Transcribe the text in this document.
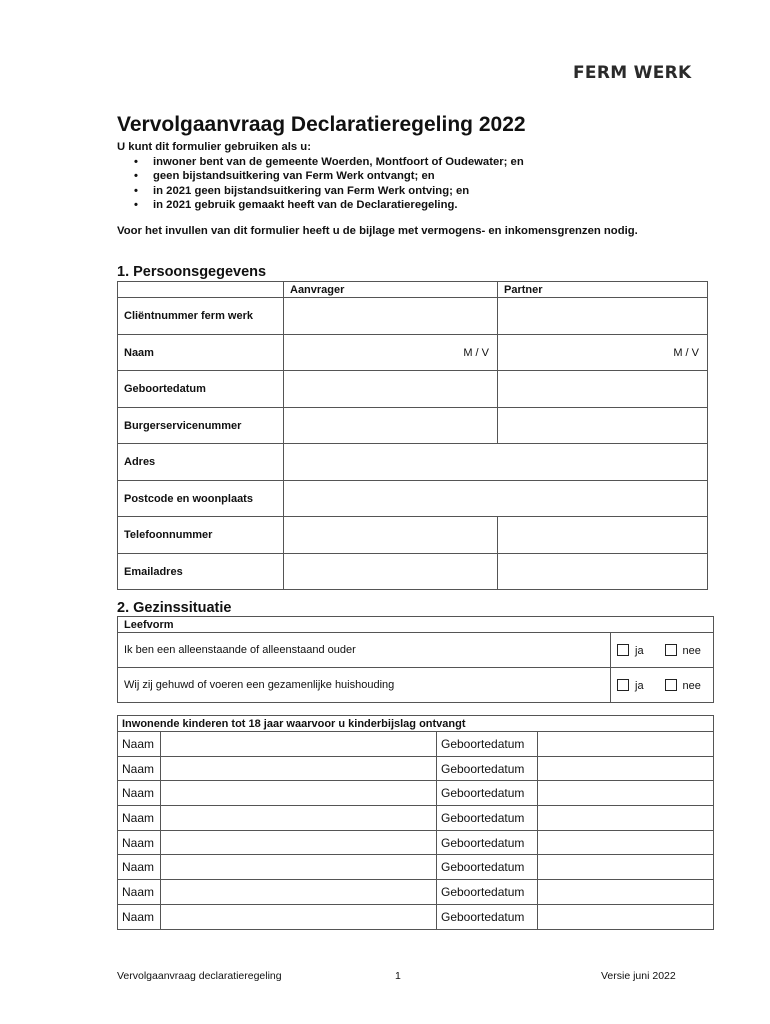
FERM WERK
Vervolgaanvraag Declaratieregeling 2022
U kunt dit formulier gebruiken als u:
• inwoner bent van de gemeente Woerden, Montfoort of Oudewater; en
• geen bijstandsuitkering van Ferm Werk ontvangt; en
• in 2021 geen bijstandsuitkering van Ferm Werk ontving; en
• in 2021 gebruik gemaakt heeft van de Declaratieregeling.
Voor het invullen van dit formulier heeft u de bijlage met vermogens- en inkomensgrenzen nodig.
1. Persoonsgegevens
	Aanvrager	Partner
Cliëntnummer ferm werk		
Naam	M / V	M / V
Geboortedatum		
Burgerservicenummer		
Adres		
Postcode en woonplaats		
Telefoonnummer		
Emailadres		
2. Gezinssituatie
Leefvorm		
Ik ben een alleenstaande of alleenstaand ouder	ja	nee
Wij zij gehuwd of voeren een gezamenlijke huishouding	ja	nee
Inwonende kinderen tot 18 jaar waarvoor u kinderbijslag ontvangt			
Naam		Geboortedatum	
Naam		Geboortedatum	
Naam		Geboortedatum	
Naam		Geboortedatum	
Naam		Geboortedatum	
Naam		Geboortedatum	
Naam		Geboortedatum	
Naam		Geboortedatum	
Vervolgaanvraag declaratieregeling	1	Versie juni 2022
